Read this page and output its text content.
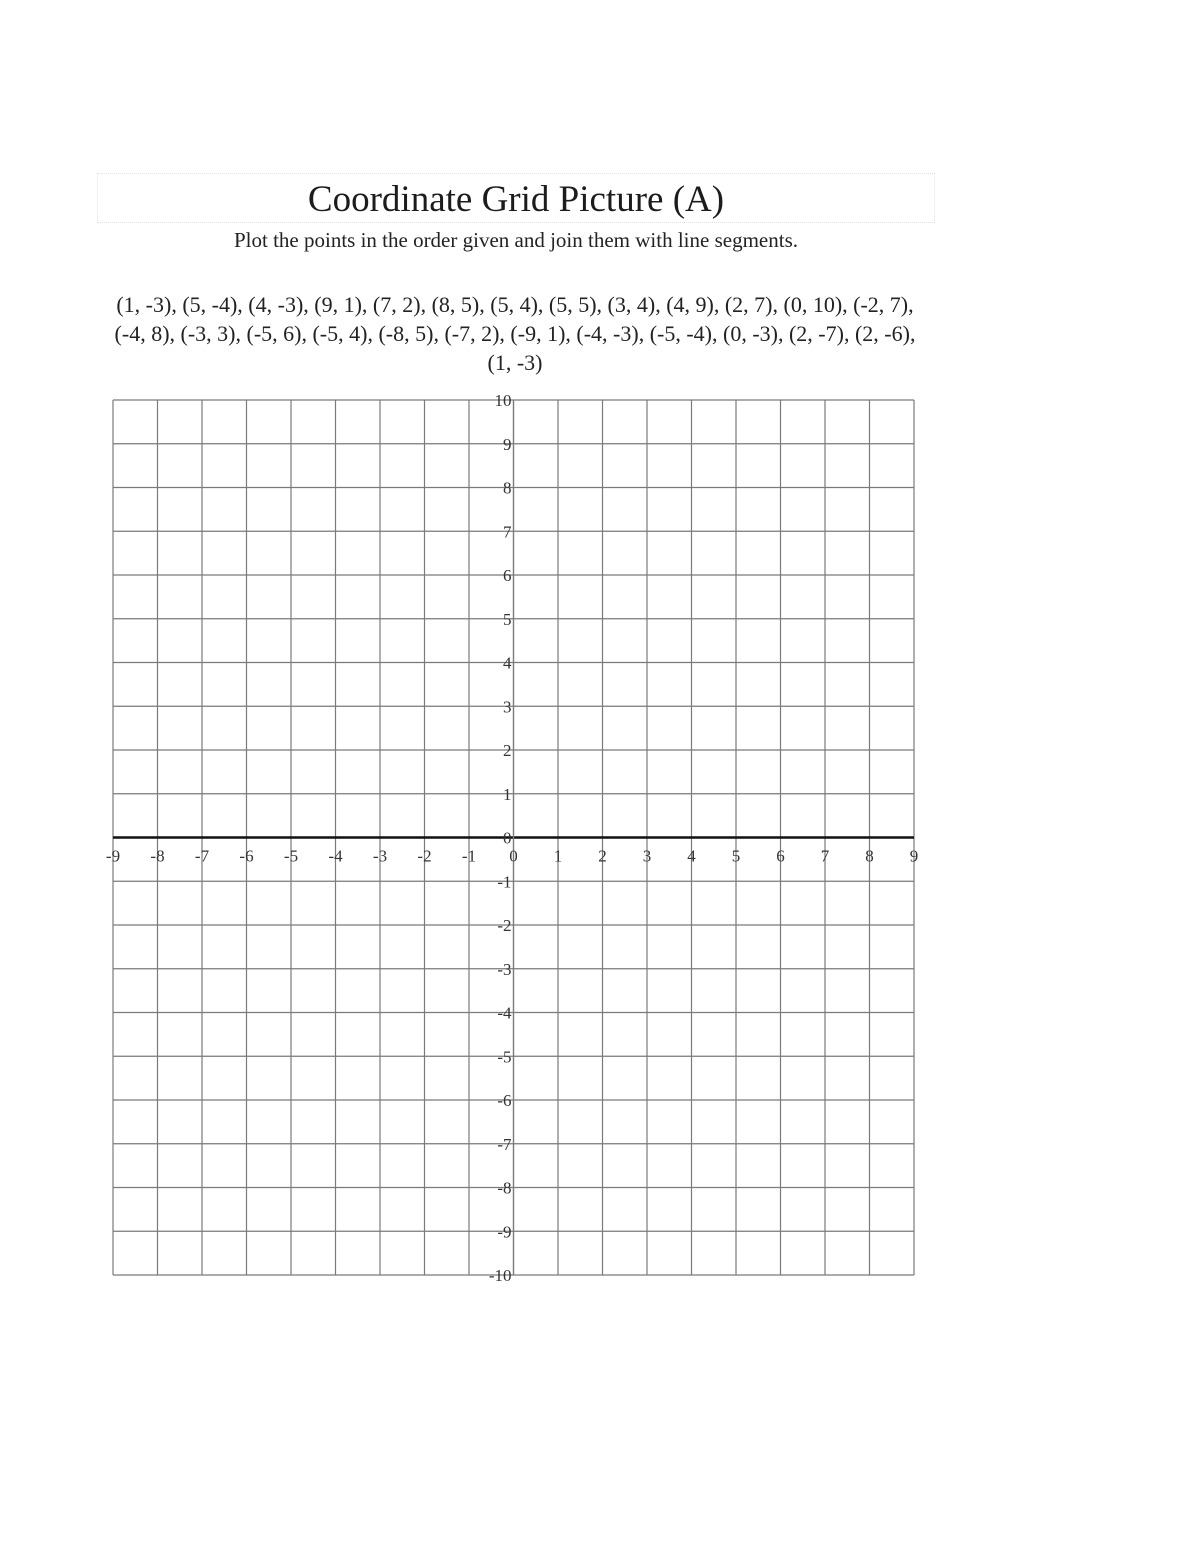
Coordinate Grid Picture (A)

Plot the points in the order given and join them with line segments.

(1, -3), (5, -4), (4, -3), (9, 1), (7, 2), (8, 5), (5, 4), (5, 5), (3, 4), (4, 9), (2, 7), (0, 10), (-2, 7), (-4, 8), (-3, 3), (-5, 6), (-5, 4), (-8, 5), (-7, 2), (-9, 1), (-4, -3), (-5, -4), (0, -3), (2, -7), (2, -6), (1, -3)

-9 -8 -7 -6 -5 -4 -3 -2 -1 0 1 2 3 4 5 6 7 8 9
10
9
8
7
6
5
4
3
2
1
0
-1
-2
-3
-4
-5
-6
-7
-8
-9
-10
